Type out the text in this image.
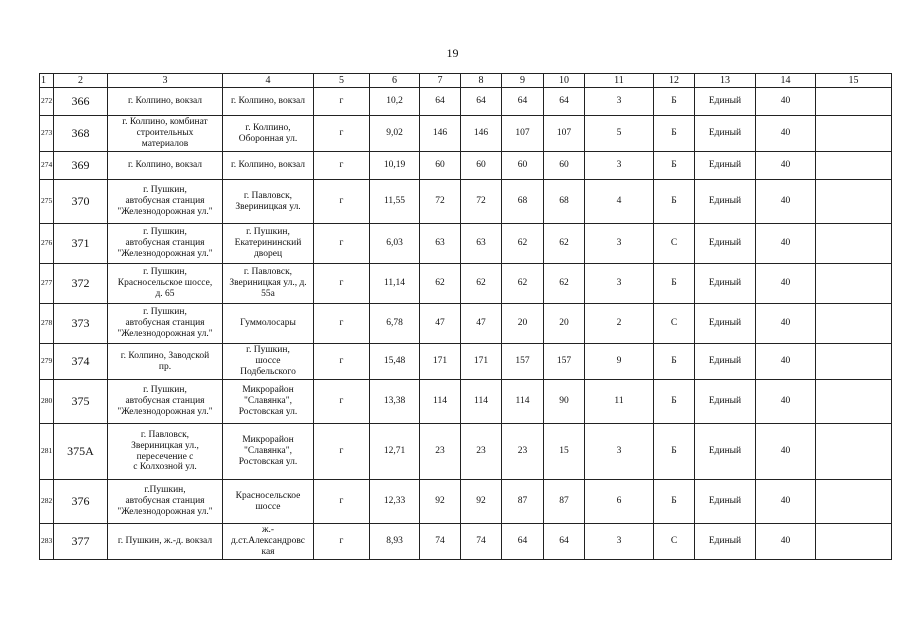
19
1	2	3	4	5	6	7	8	9	10	11	12	13	14	15
272	366	г. Колпино, вокзал	г. Колпино, вокзал	г	10,2	64	64	64	64	3	Б	Единый	40	
273	368	г. Колпино, комбинат
строительных
материалов	г. Колпино,
Оборонная ул.	г	9,02	146	146	107	107	5	Б	Единый	40	
274	369	г. Колпино, вокзал	г. Колпино, вокзал	г	10,19	60	60	60	60	3	Б	Единый	40	
275	370	г. Пушкин,
автобусная станция
"Железнодорожная ул."	г. Павловск,
Звериницкая ул.	г	11,55	72	72	68	68	4	Б	Единый	40	
276	371	г. Пушкин,
автобусная станция
"Железнодорожная ул."	г. Пушкин,
Екатерининский
дворец	г	6,03	63	63	62	62	3	С	Единый	40	
277	372	г. Пушкин,
Красносельское шоссе,
д. 65	г. Павловск,
Звериницкая ул., д.
55а	г	11,14	62	62	62	62	3	Б	Единый	40	
278	373	г. Пушкин,
автобусная станция
"Железнодорожная ул."	Гуммолосары	г	6,78	47	47	20	20	2	С	Единый	40	
279	374	г. Колпино, Заводской
пр.	г. Пушкин,
шоссе
Подбельского	г	15,48	171	171	157	157	9	Б	Единый	40	
280	375	г. Пушкин,
автобусная станция
"Железнодорожная ул."	Микрорайон
"Славянка",
Ростовская ул.	г	13,38	114	114	114	90	11	Б	Единый	40	
281	375А	г. Павловск,
Звериницкая ул.,
пересечение с
с Колхозной ул.	Микрорайон
"Славянка",
Ростовская ул.	г	12,71	23	23	23	15	3	Б	Единый	40	
282	376	г.Пушкин,
автобусная станция
"Железнодорожная ул."	Красносельское
шоссе	г	12,33	92	92	87	87	6	Б	Единый	40	
283	377	г. Пушкин, ж.-д. вокзал	ж.-
д.ст.Александровс
кая	г	8,93	74	74	64	64	3	С	Единый	40	
